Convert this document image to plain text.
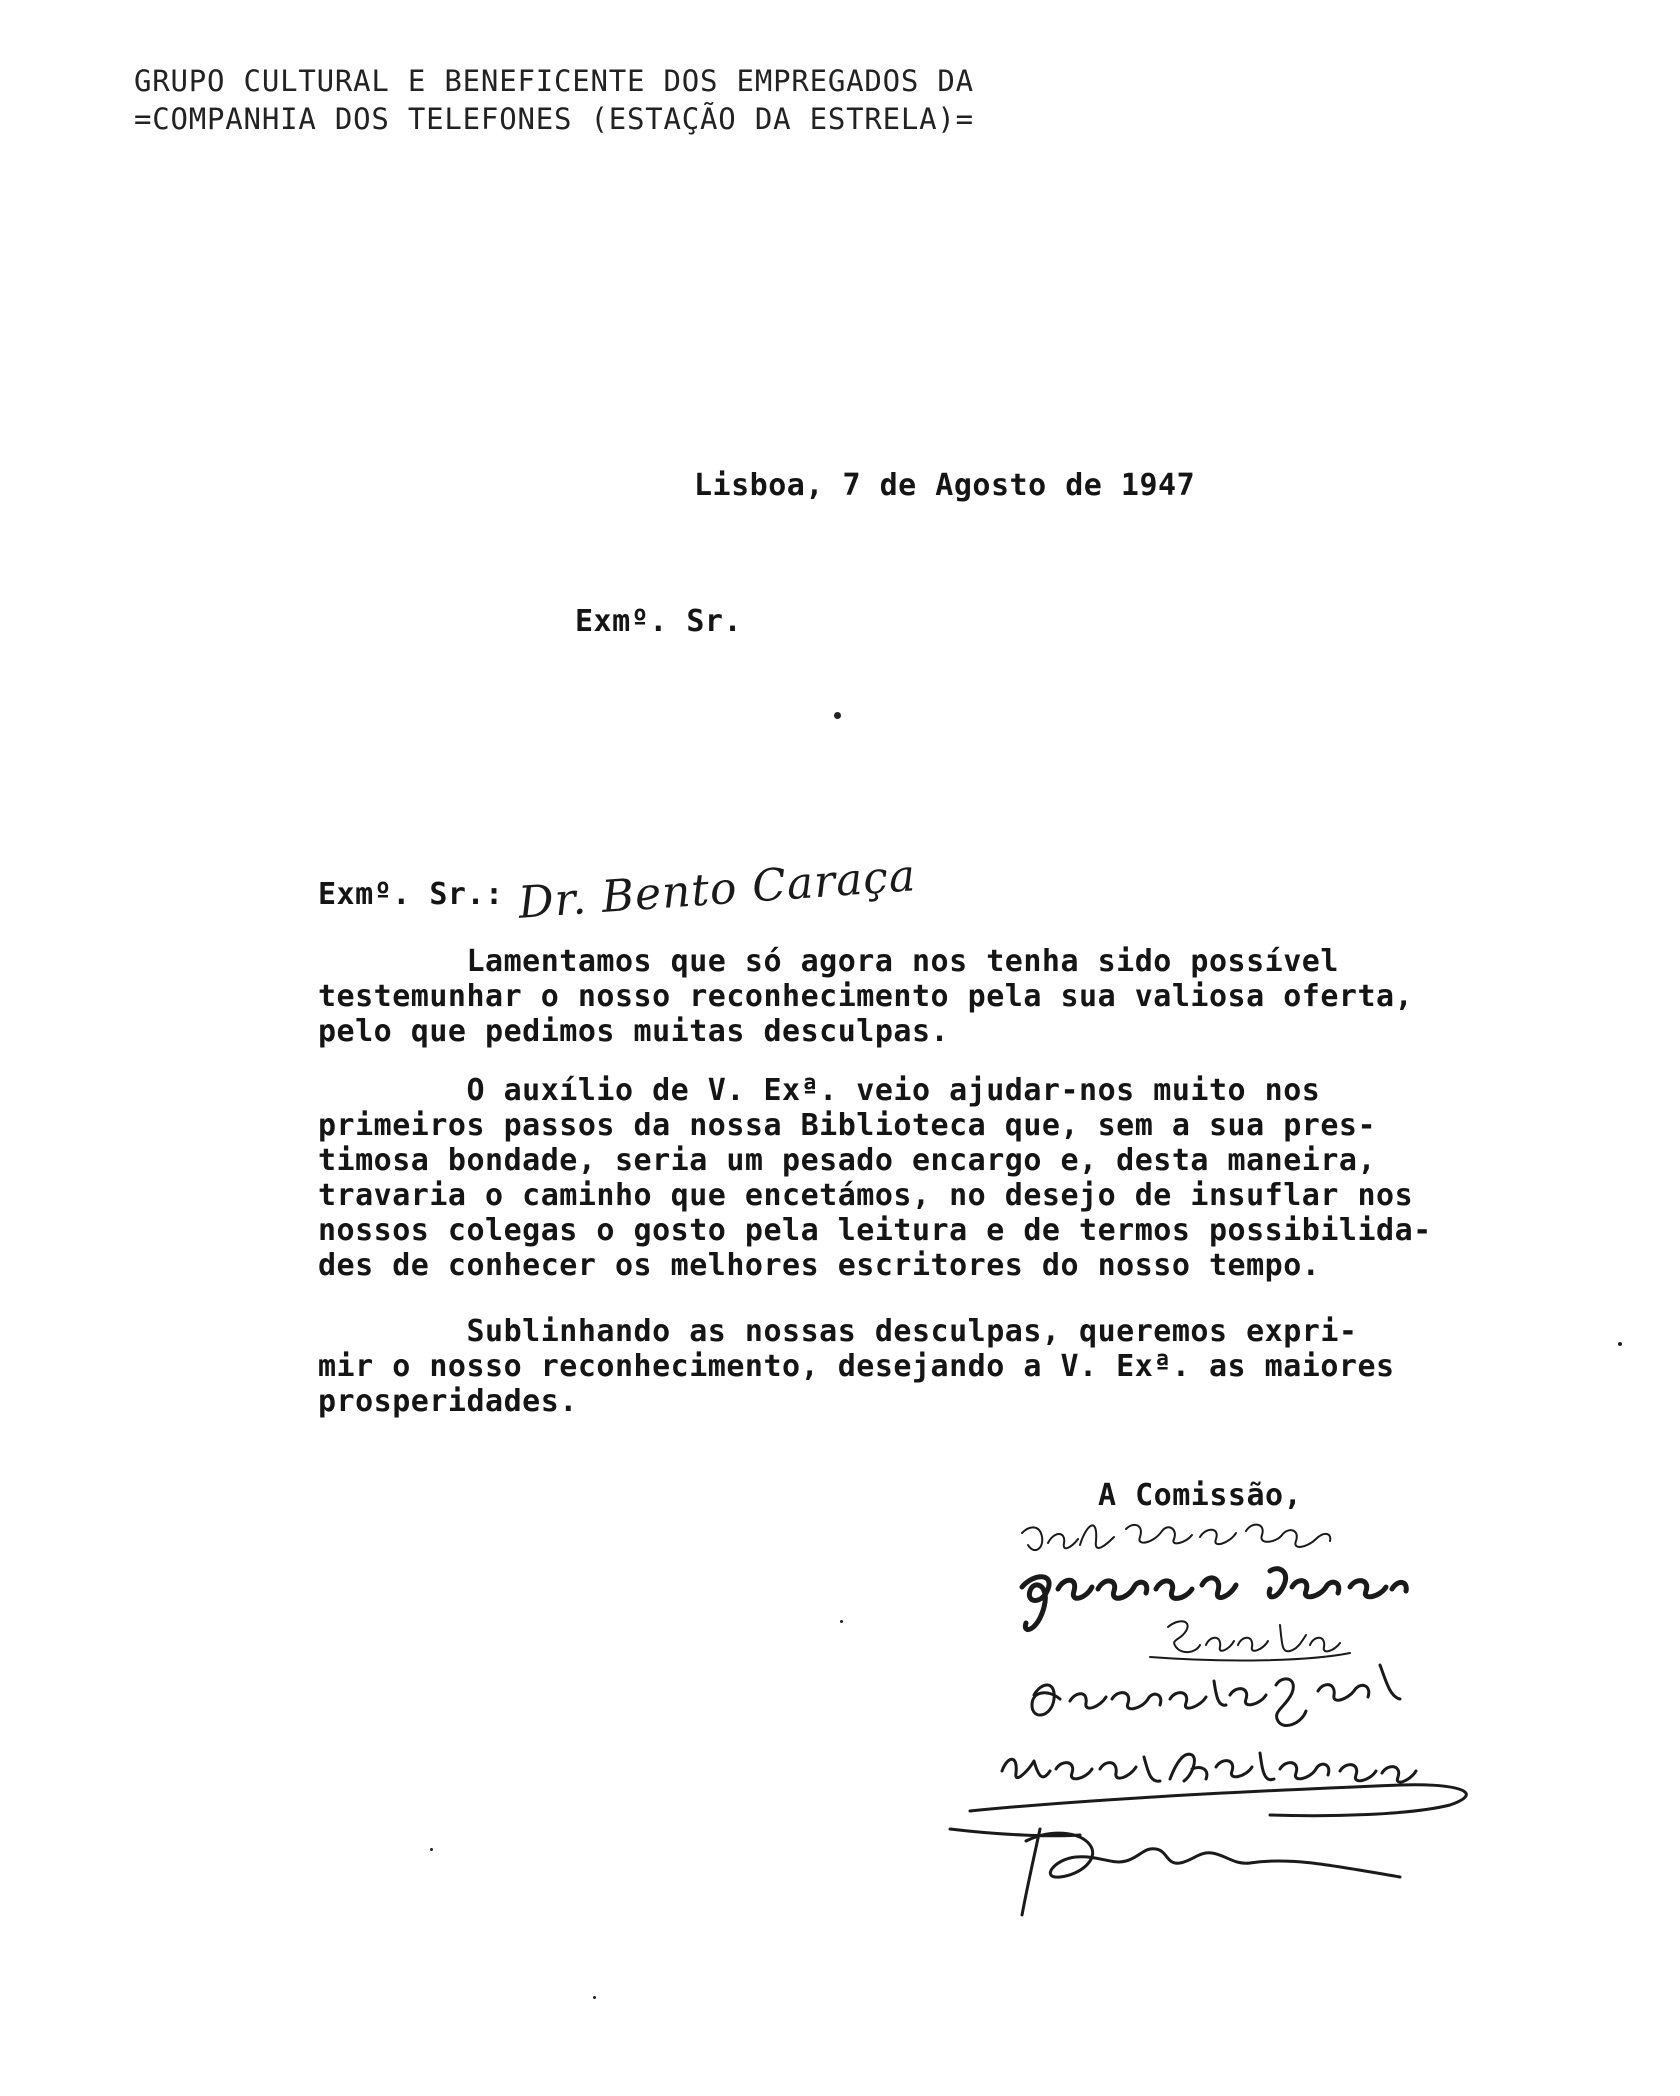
GRUPO CULTURAL E BENEFICENTE DOS EMPREGADOS DA

=COMPANHIA DOS TELEFONES (ESTAÇÃO DA ESTRELA)=

Lisboa, 7 de Agosto de 1947

Exmº. Sr.

Exmº. Sr.: Dr. Bento Caraça
Lamentamos que só agora nos tenha sido possível
testemunhar o nosso reconhecimento pela sua valiosa oferta,
pelo que pedimos muitas desculpas.
O auxílio de V. Exª. veio ajudar-nos muito nos
primeiros passos da nossa Biblioteca que, sem a sua pres-
timosa bondade, seria um pesado encargo e, desta maneira,
travaria o caminho que encetámos, no desejo de insuflar nos
nossos colegas o gosto pela leitura e de termos possibilida-
des de conhecer os melhores escritores do nosso tempo.
Sublinhando as nossas desculpas, queremos expri-
mir o nosso reconhecimento, desejando a V. Exª. as maiores
prosperidades.

A Comissão,
